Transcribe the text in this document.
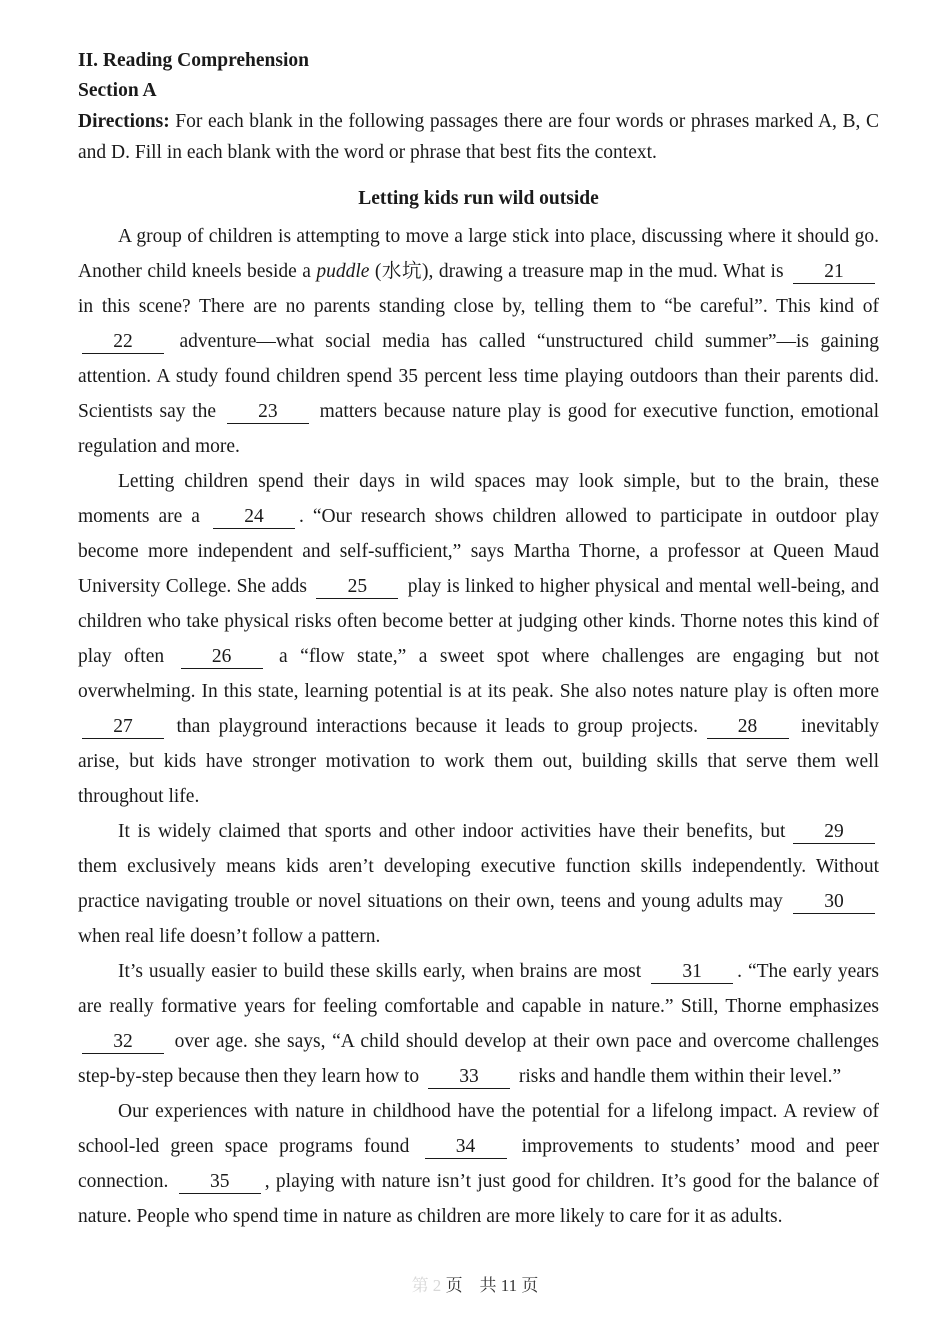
II. Reading Comprehension

Section A

Directions: For each blank in the following passages there are four words or phrases marked A, B, C and D. Fill in each blank with the word or phrase that best fits the context.

Letting kids run wild outside

A group of children is attempting to move a large stick into place, discussing where it should go. Another child kneels beside a puddle (水坑), drawing a treasure map in the mud. What is 21 in this scene? There are no parents standing close by, telling them to “be careful”. This kind of 22 adventure—what social media has called “unstructured child summer”—is gaining attention. A study found children spend 35 percent less time playing outdoors than their parents did. Scientists say the 23 matters because nature play is good for executive function, emotional regulation and more.

Letting children spend their days in wild spaces may look simple, but to the brain, these moments are a 24 . “Our research shows children allowed to participate in outdoor play become more independent and self-sufficient,” says Martha Thorne, a professor at Queen Maud University College. She adds 25 play is linked to higher physical and mental well-being, and children who take physical risks often become better at judging other kinds. Thorne notes this kind of play often 26 a “flow state,” a sweet spot where challenges are engaging but not overwhelming. In this state, learning potential is at its peak. She also notes nature play is often more 27 than playground interactions because it leads to group projects. 28 inevitably arise, but kids have stronger motivation to work them out, building skills that serve them well throughout life.

It is widely claimed that sports and other indoor activities have their benefits, but 29 them exclusively means kids aren’t developing executive function skills independently. Without practice navigating trouble or novel situations on their own, teens and young adults may 30 when real life doesn’t follow a pattern.

It’s usually easier to build these skills early, when brains are most 31 . “The early years are really formative years for feeling comfortable and capable in nature.” Still, Thorne emphasizes 32 over age. she says, “A child should develop at their own pace and overcome challenges step-by-step because then they learn how to 33 risks and handle them within their level.”

Our experiences with nature in childhood have the potential for a lifelong impact. A review of school-led green space programs found 34 improvements to students’ mood and peer connection. 35 , playing with nature isn’t just good for children. It’s good for the balance of nature. People who spend time in nature as children are more likely to care for it as adults.

第 2 页　共 11 页
